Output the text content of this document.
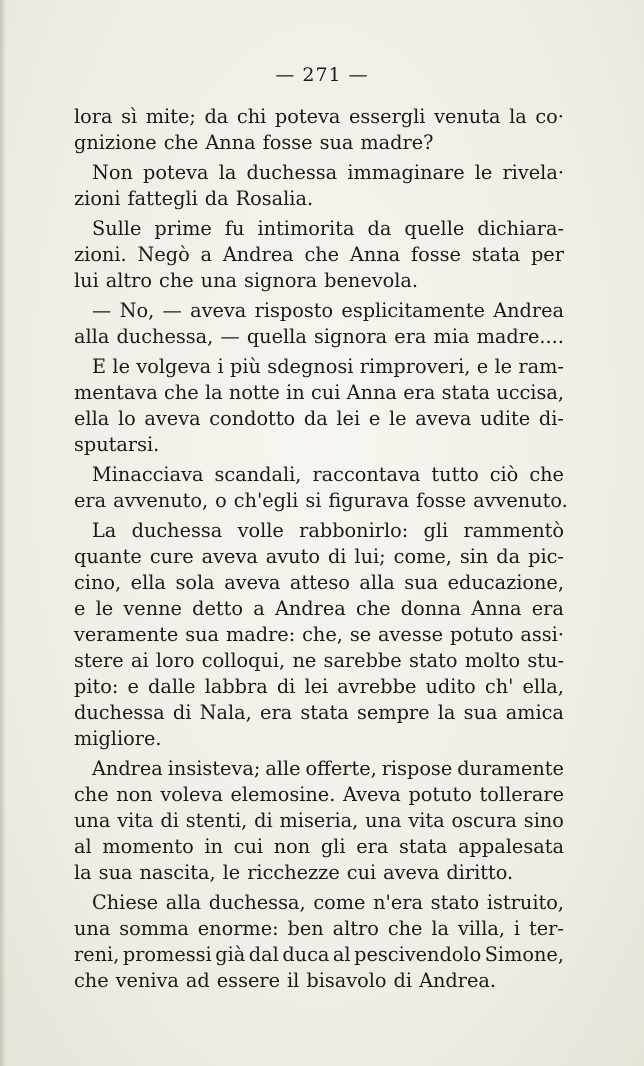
— 271 —
lora sì mite; da chi poteva essergli venuta la co·
gnizione che Anna fosse sua madre?
Non poteva la duchessa immaginare le rivela·
zioni fattegli da Rosalia.
Sulle prime fu intimorita da quelle dichiara-
zioni. Negò a Andrea che Anna fosse stata per
lui altro che una signora benevola.
— No, — aveva risposto esplicitamente Andrea
alla duchessa, — quella signora era mia madre....
E le volgeva i più sdegnosi rimproveri, e le ram-
mentava che la notte in cui Anna era stata uccisa,
ella lo aveva condotto da lei e le aveva udite di-
sputarsi.
Minacciava scandali, raccontava tutto ciò che
era avvenuto, o ch'egli si figurava fosse avvenuto.
La duchessa volle rabbonirlo: gli rammentò
quante cure aveva avuto di lui; come, sin da pic-
cino, ella sola aveva atteso alla sua educazione,
e le venne detto a Andrea che donna Anna era
veramente sua madre: che, se avesse potuto assi·
stere ai loro colloqui, ne sarebbe stato molto stu-
pito: e dalle labbra di lei avrebbe udito ch' ella,
duchessa di Nala, era stata sempre la sua amica
migliore.
Andrea insisteva; alle offerte, rispose duramente
che non voleva elemosine. Aveva potuto tollerare
una vita di stenti, di miseria, una vita oscura sino
al momento in cui non gli era stata appalesata
la sua nascita, le ricchezze cui aveva diritto.
Chiese alla duchessa, come n'era stato istruito,
una somma enorme: ben altro che la villa, i ter-
reni, promessi già dal duca al pescivendolo Simone,
che veniva ad essere il bisavolo di Andrea.
